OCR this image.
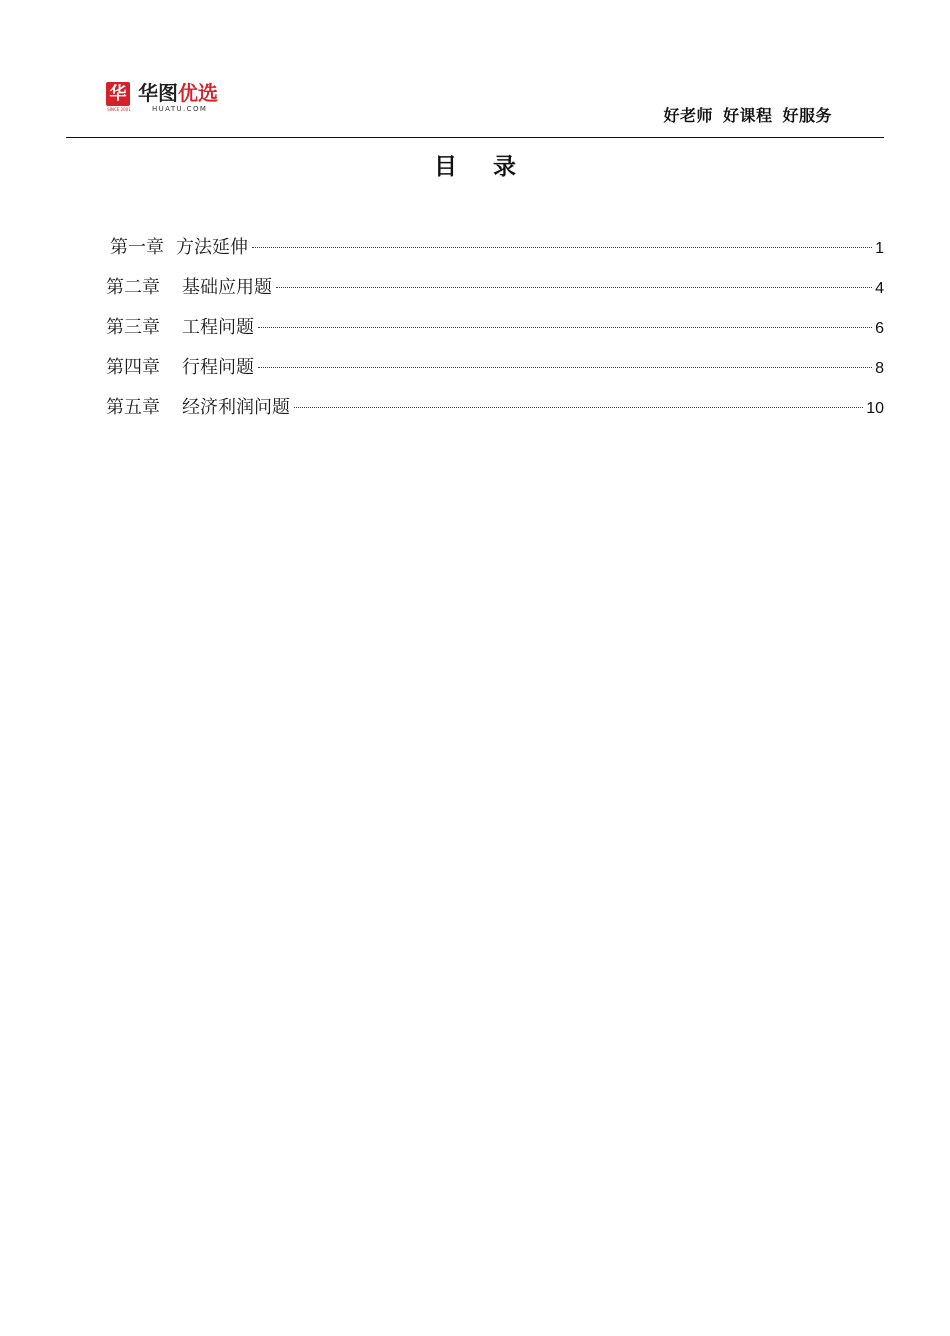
华
SINCE 2001
华图优选
HUATU.COM	好老师 好课程 好服务
目 录
第一章 方法延伸	1
第二章 基础应用题	4
第三章 工程问题	6
第四章 行程问题	8
第五章 经济利润问题	10
